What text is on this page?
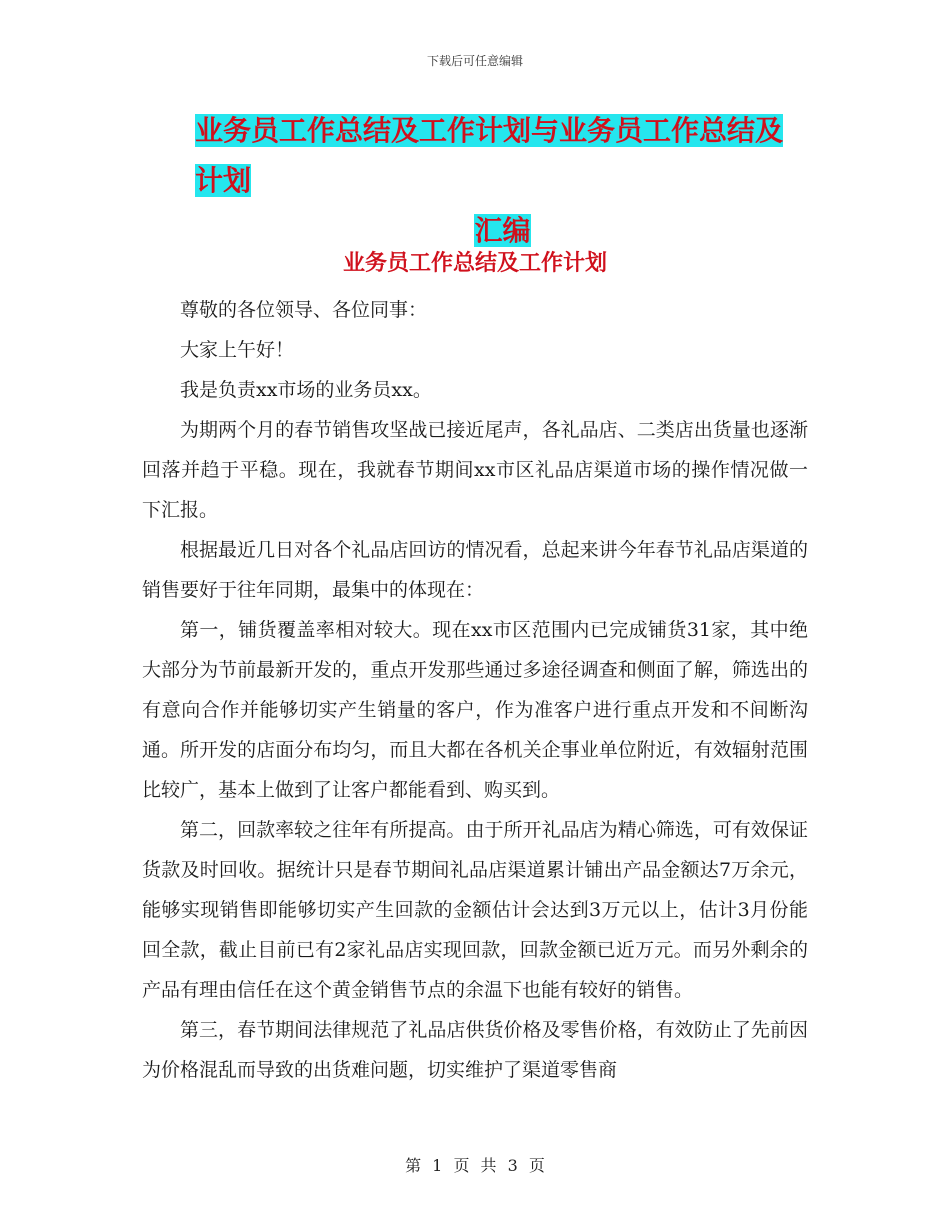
下载后可任意编辑
业务员工作总结及工作计划与业务员工作总结及计划
汇编
业务员工作总结及工作计划

尊敬的各位领导、各位同事：

大家上午好！

我是负责xx市场的业务员xx。

为期两个月的春节销售攻坚战已接近尾声，各礼品店、二类店出货量也逐渐回落并趋于平稳。现在，我就春节期间xx市区礼品店渠道市场的操作情况做一下汇报。

根据最近几日对各个礼品店回访的情况看，总起来讲今年春节礼品店渠道的销售要好于往年同期，最集中的体现在：

第一，铺货覆盖率相对较大。现在xx市区范围内已完成铺货31家，其中绝大部分为节前最新开发的，重点开发那些通过多途径调查和侧面了解，筛选出的有意向合作并能够切实产生销量的客户，作为准客户进行重点开发和不间断沟通。所开发的店面分布均匀，而且大都在各机关企事业单位附近，有效辐射范围比较广，基本上做到了让客户都能看到、购买到。

第二，回款率较之往年有所提高。由于所开礼品店为精心筛选，可有效保证货款及时回收。据统计只是春节期间礼品店渠道累计铺出产品金额达7万余元，能够实现销售即能够切实产生回款的金额估计会达到3万元以上，估计3月份能回全款，截止目前已有2家礼品店实现回款，回款金额已近万元。而另外剩余的产品有理由信任在这个黄金销售节点的余温下也能有较好的销售。

第三，春节期间法律规范了礼品店供货价格及零售价格，有效防止了先前因为价格混乱而导致的出货难问题，切实维护了渠道零售商

第 1 页 共 3 页
